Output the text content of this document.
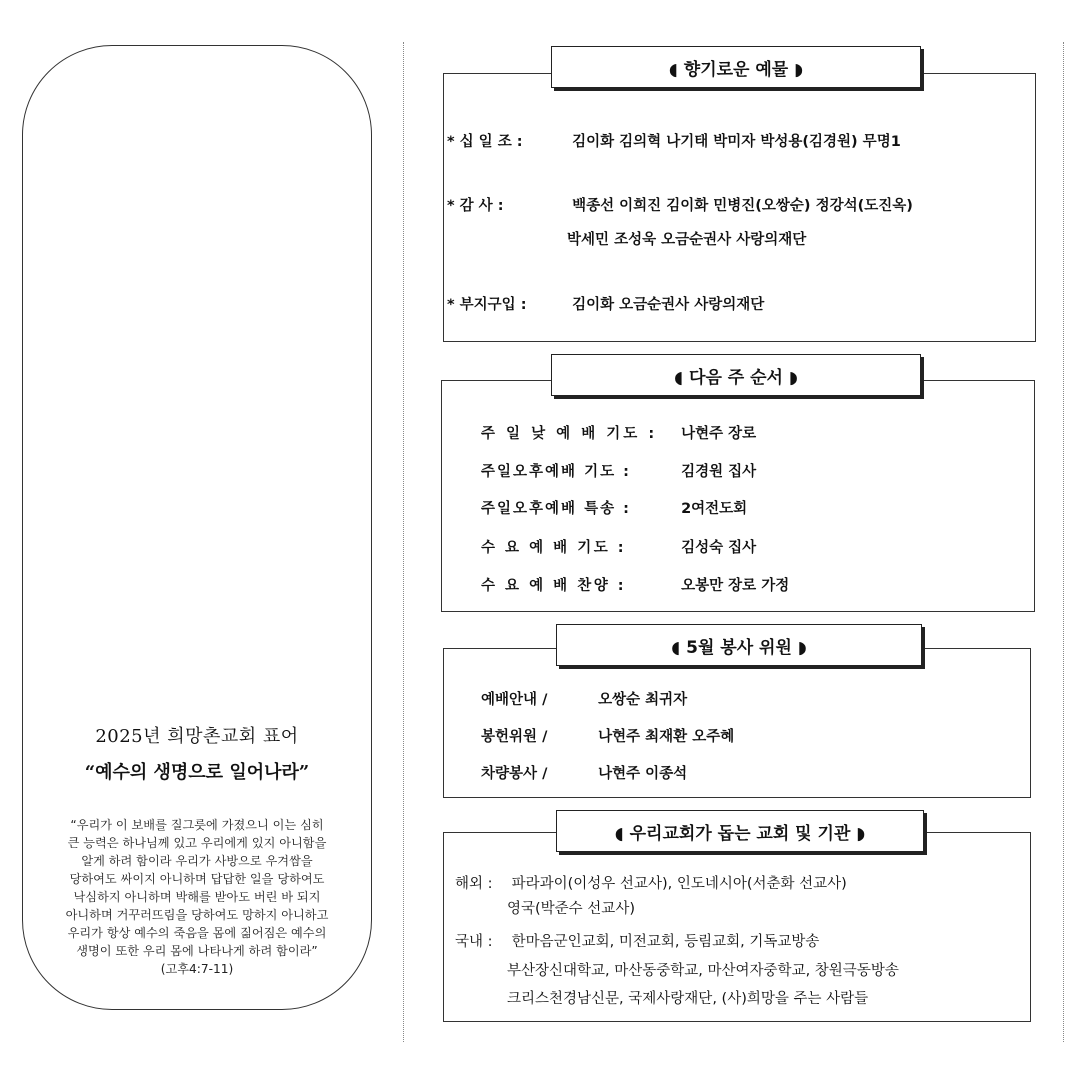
2025년 희망촌교회 표어
“예수의 생명으로 일어나라”
“우리가 이 보배를 질그릇에 가졌으니 이는 심히
큰 능력은 하나님께 있고 우리에게 있지 아니함을
알게 하려 함이라 우리가 사방으로 우겨쌈을
당하여도 싸이지 아니하며 답답한 일을 당하여도
낙심하지 아니하며 박해를 받아도 버린 바 되지
아니하며 거꾸러뜨림을 당하여도 망하지 아니하고
우리가 항상 예수의 죽음을 몸에 짊어짐은 예수의
생명이 또한 우리 몸에 나타나게 하려 함이라”
(고후4:7-11)
◖ 향기로운 예물 ◗
* 십 일 조 :	김이화 김의혁 나기태 박미자 박성용(김경원) 무명1
* 감 사 :	백종선 이희진 김이화 민병진(오쌍순) 정강석(도진옥)
박세민 조성욱 오금순권사 사랑의재단
* 부지구입 :	김이화 오금순권사 사랑의재단
◖ 다음 주 순서 ◗
주 일 낮 예 배 기도 : 나현주 장로
주일오후예배 기도 :	김경원 집사
주일오후예배 특송 :	2여전도회
수 요 예 배 기도 :	김성숙 집사
수 요 예 배 찬양 :	오봉만 장로 가정
◖ 5월 봉사 위원 ◗
예배안내 /	오쌍순 최귀자
봉헌위원 /	나현주 최재환 오주혜
차량봉사 /	나현주 이종석
◖ 우리교회가 돕는 교회 및 기관 ◗
해외 : 파라과이(이성우 선교사), 인도네시아(서춘화 선교사)
영국(박준수 선교사)
국내 : 한마음군인교회, 미전교회, 등림교회, 기독교방송
부산장신대학교, 마산동중학교, 마산여자중학교, 창원극동방송
크리스천경남신문, 국제사랑재단, (사)희망을 주는 사람들
